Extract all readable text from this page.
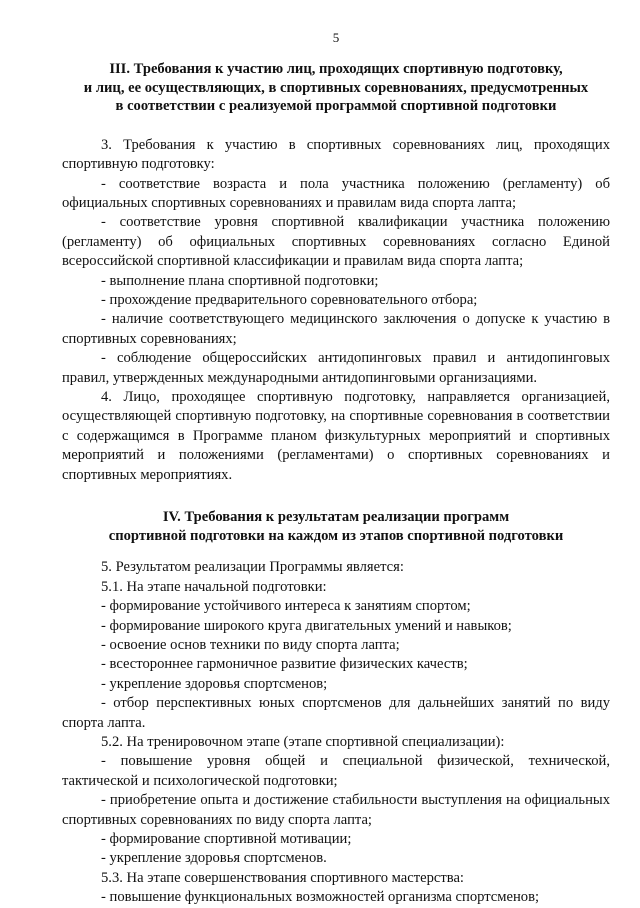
5
III. Требования к участию лиц, проходящих спортивную подготовку,
и лиц, ее осуществляющих, в спортивных соревнованиях, предусмотренных
в соответствии с реализуемой программой спортивной подготовки

3. Требования к участию в спортивных соревнованиях лиц, проходящих спортивную подготовку:

- соответствие возраста и пола участника положению (регламенту) об официальных спортивных соревнованиях и правилам вида спорта лапта;

- соответствие уровня спортивной квалификации участника положению (регламенту) об официальных спортивных соревнованиях согласно Единой всероссийской спортивной классификации и правилам вида спорта лапта;

- выполнение плана спортивной подготовки;

- прохождение предварительного соревновательного отбора;

- наличие соответствующего медицинского заключения о допуске к участию в спортивных соревнованиях;

- соблюдение общероссийских антидопинговых правил и антидопинговых правил, утвержденных международными антидопинговыми организациями.

4. Лицо, проходящее спортивную подготовку, направляется организацией, осуществляющей спортивную подготовку, на спортивные соревнования в соответствии с содержащимся в Программе планом физкультурных мероприятий и спортивных мероприятий и положениями (регламентами) о спортивных соревнованиях и спортивных мероприятиях.

IV. Требования к результатам реализации программ
спортивной подготовки на каждом из этапов спортивной подготовки

5. Результатом реализации Программы является:

5.1. На этапе начальной подготовки:

- формирование устойчивого интереса к занятиям спортом;

- формирование широкого круга двигательных умений и навыков;

- освоение основ техники по виду спорта лапта;

- всестороннее гармоничное развитие физических качеств;

- укрепление здоровья спортсменов;

- отбор перспективных юных спортсменов для дальнейших занятий по виду спорта лапта.

5.2. На тренировочном этапе (этапе спортивной специализации):

- повышение уровня общей и специальной физической, технической, тактической и психологической подготовки;

- приобретение опыта и достижение стабильности выступления на официальных спортивных соревнованиях по виду спорта лапта;

- формирование спортивной мотивации;

- укрепление здоровья спортсменов.

5.3. На этапе совершенствования спортивного мастерства:

- повышение функциональных возможностей организма спортсменов;
